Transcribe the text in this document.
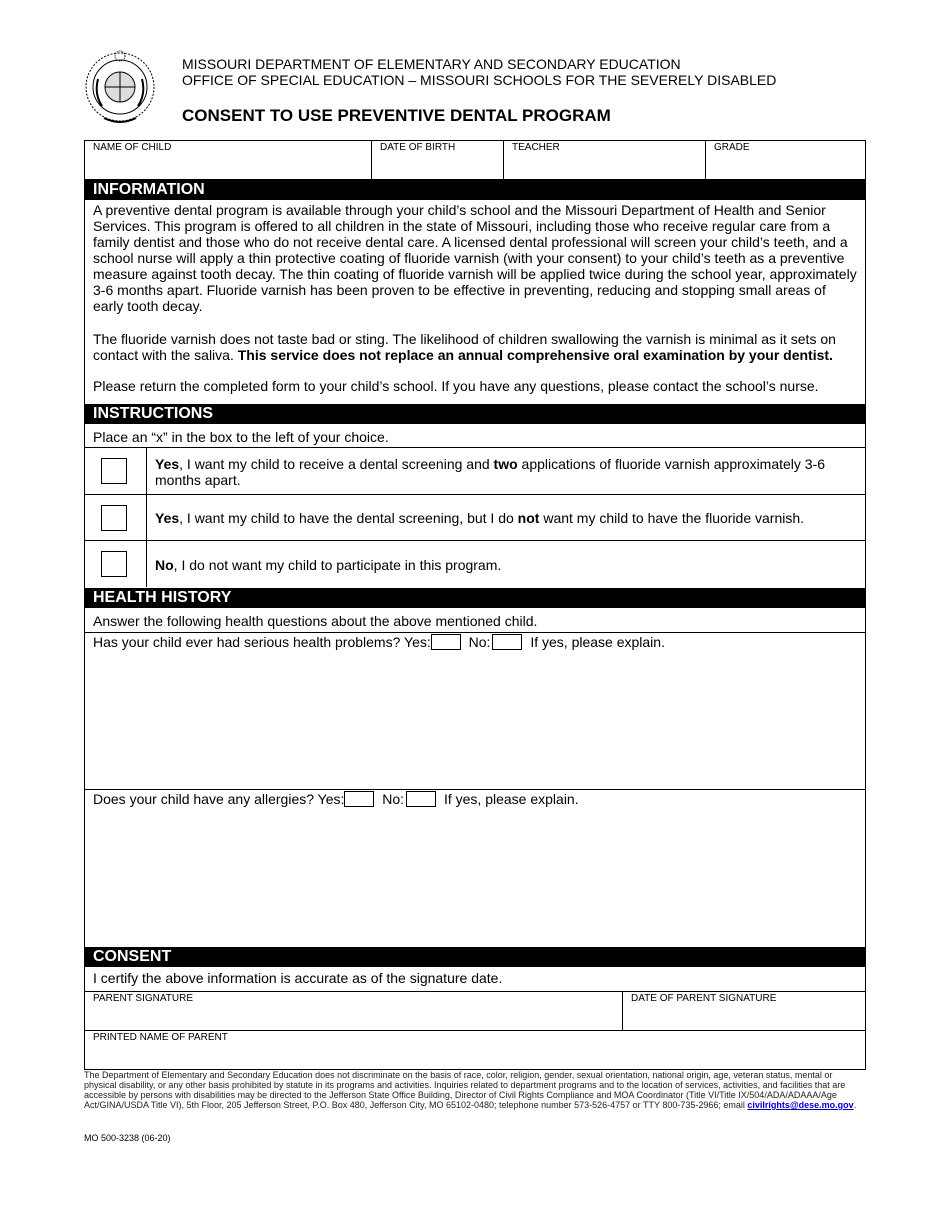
MISSOURI DEPARTMENT OF ELEMENTARY AND SECONDARY EDUCATION
OFFICE OF SPECIAL EDUCATION – MISSOURI SCHOOLS FOR THE SEVERELY DISABLED
CONSENT TO USE PREVENTIVE DENTAL PROGRAM
NAME OF CHILD	DATE OF BIRTH	TEACHER	GRADE
INFORMATION
A preventive dental program is available through your child’s school and the Missouri Department of Health and Senior Services. This program is offered to all children in the state of Missouri, including those who receive regular care from a family dentist and those who do not receive dental care. A licensed dental professional will screen your child’s teeth, and a school nurse will apply a thin protective coating of fluoride varnish (with your consent) to your child’s teeth as a preventive measure against tooth decay. The thin coating of fluoride varnish will be applied twice during the school year, approximately 3-6 months apart. Fluoride varnish has been proven to be effective in preventing, reducing and stopping small areas of early tooth decay.
The fluoride varnish does not taste bad or sting. The likelihood of children swallowing the varnish is minimal as it sets on contact with the saliva. This service does not replace an annual comprehensive oral examination by your dentist.
Please return the completed form to your child’s school. If you have any questions, please contact the school’s nurse.
INSTRUCTIONS
Place an “x” in the box to the left of your choice.
Yes, I want my child to receive a dental screening and two applications of fluoride varnish approximately 3-6 months apart.
Yes, I want my child to have the dental screening, but I do not want my child to have the fluoride varnish.
No, I do not want my child to participate in this program.
HEALTH HISTORY
Answer the following health questions about the above mentioned child.
Has your child ever had serious health problems? Yes:	No:	If yes, please explain.
Does your child have any allergies? Yes:	No:	If yes, please explain.
CONSENT
I certify the above information is accurate as of the signature date.
PARENT SIGNATURE	DATE OF PARENT SIGNATURE
PRINTED NAME OF PARENT
The Department of Elementary and Secondary Education does not discriminate on the basis of race, color, religion, gender, sexual orientation, national origin, age, veteran status, mental or physical disability, or any other basis prohibited by statute in its programs and activities. Inquiries related to department programs and to the location of services, activities, and facilities that are accessible by persons with disabilities may be directed to the Jefferson State Office Building, Director of Civil Rights Compliance and MOA Coordinator (Title VI/Title IX/504/ADA/ADAAA/Age Act/GINA/USDA Title VI), 5th Floor, 205 Jefferson Street, P.O. Box 480, Jefferson City, MO 65102-0480; telephone number 573-526-4757 or TTY 800-735-2966; email civilrights@dese.mo.gov.
MO 500-3238 (06-20)
